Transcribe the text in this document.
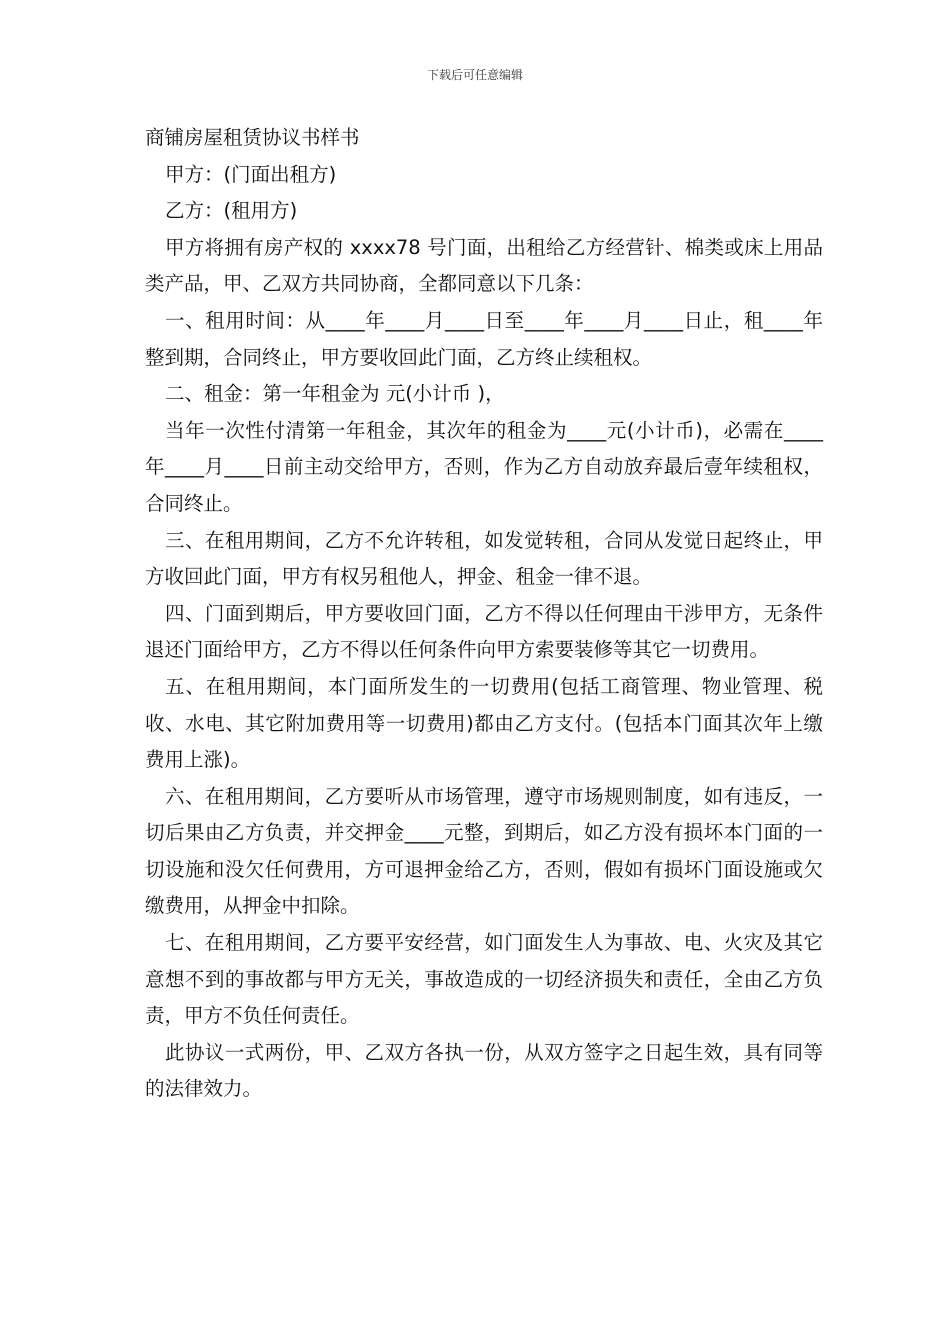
下载后可任意编辑
商铺房屋租赁协议书样书

甲方：(门面出租方)

乙方：(租用方)

甲方将拥有房产权的 xxxx78 号门面，出租给乙方经营针、棉类或床上用品类产品，甲、乙双方共同协商，全都同意以下几条：

一、租用时间：从____年____月____日至____年____月____日止，租____年整到期，合同终止，甲方要收回此门面，乙方终止续租权。

二、租金：第一年租金为 元(小计币 )，

当年一次性付清第一年租金，其次年的租金为____元(小计币)，必需在____年____月____日前主动交给甲方，否则，作为乙方自动放弃最后壹年续租权，合同终止。

三、在租用期间，乙方不允许转租，如发觉转租，合同从发觉日起终止，甲方收回此门面，甲方有权另租他人，押金、租金一律不退。

四、门面到期后，甲方要收回门面，乙方不得以任何理由干涉甲方，无条件退还门面给甲方，乙方不得以任何条件向甲方索要装修等其它一切费用。

五、在租用期间，本门面所发生的一切费用(包括工商管理、物业管理、税收、水电、其它附加费用等一切费用)都由乙方支付。(包括本门面其次年上缴费用上涨)。

六、在租用期间，乙方要听从市场管理，遵守市场规则制度，如有违反，一切后果由乙方负责，并交押金____元整，到期后，如乙方没有损坏本门面的一切设施和没欠任何费用，方可退押金给乙方，否则，假如有损坏门面设施或欠缴费用，从押金中扣除。

七、在租用期间，乙方要平安经营，如门面发生人为事故、电、火灾及其它意想不到的事故都与甲方无关，事故造成的一切经济损失和责任，全由乙方负责，甲方不负任何责任。

此协议一式两份，甲、乙双方各执一份，从双方签字之日起生效，具有同等的法律效力。
